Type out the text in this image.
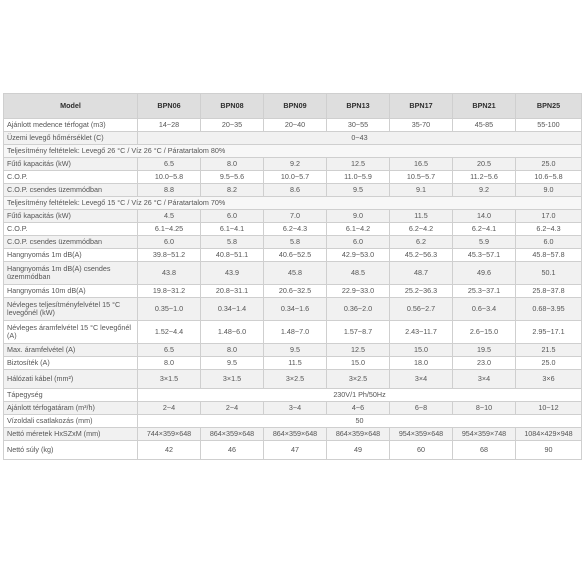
Model	BPN06	BPN08	BPN09	BPN13	BPN17	BPN21	BPN25
Ajánlott medence térfogat (m3)	14~28	20~35	20~40	30~55	35-70	45-85	55-100
Üzemi levegő hőmérséklet (C)	0~43						
Teljesítmény feltételek: Levegő 26 °C / Víz 26 °C / Páratartalom 80%							
Fűtő kapacitás (kW)	6.5	8.0	9.2	12.5	16.5	20.5	25.0
C.O.P.	10.0~5.8	9.5~5.6	10.0~5.7	11.0~5.9	10.5~5.7	11.2~5.6	10.6~5.8
C.O.P. csendes üzemmódban	8.8	8.2	8.6	9.5	9.1	9.2	9.0
Teljesítmény feltételek: Levegő 15 °C / Víz 26 °C / Páratartalom 70%							
Fűtő kapacitás (kW)	4.5	6.0	7.0	9.0	11.5	14.0	17.0
C.O.P.	6.1~4.25	6.1~4.1	6.2~4.3	6.1~4.2	6.2~4.2	6.2~4.1	6.2~4.3
C.O.P. csendes üzemmódban	6.0	5.8	5.8	6.0	6.2	5.9	6.0
Hangnyomás 1m dB(A)	39.8~51.2	40.8~51.1	40.6~52.5	42.9~53.0	45.2~56.3	45.3~57.1	45.8~57.8
Hangnyomás 1m dB(A) csendes üzemmódban	43.8	43.9	45.8	48.5	48.7	49.6	50.1
Hangnyomás 10m dB(A)	19.8~31.2	20.8~31.1	20.6~32.5	22.9~33.0	25.2~36.3	25.3~37.1	25.8~37.8
Névleges teljesítményfelvétel 15 °C levegőnél (kW)	0.35~1.0	0.34~1.4	0.34~1.6	0.36~2.0	0.56~2.7	0.6~3.4	0.68~3.95
Névleges áramfelvétel 15 °C levegőnél (A)	1.52~4.4	1.48~6.0	1.48~7.0	1.57~8.7	2.43~11.7	2.6~15.0	2.95~17.1
Max. áramfelvétel (A)	6.5	8.0	9.5	12.5	15.0	19.5	21.5
Biztosíték (A)	8.0	9.5	11.5	15.0	18.0	23.0	25.0
Hálózati kábel (mm²)	3×1.5	3×1.5	3×2.5	3×2.5	3×4	3×4	3×6
Tápegység	230V/1 Ph/50Hz						
Ajánlott térfogatáram (m³/h)	2~4	2~4	3~4	4~6	6~8	8~10	10~12
Vízoldali csatlakozás (mm)	50						
Nettó méretek HxSZxM (mm)	744×359×648	864×359×648	864×359×648	864×359×648	954×359×648	954×359×748	1084×429×948
Nettó súly (kg)	42	46	47	49	60	68	90
